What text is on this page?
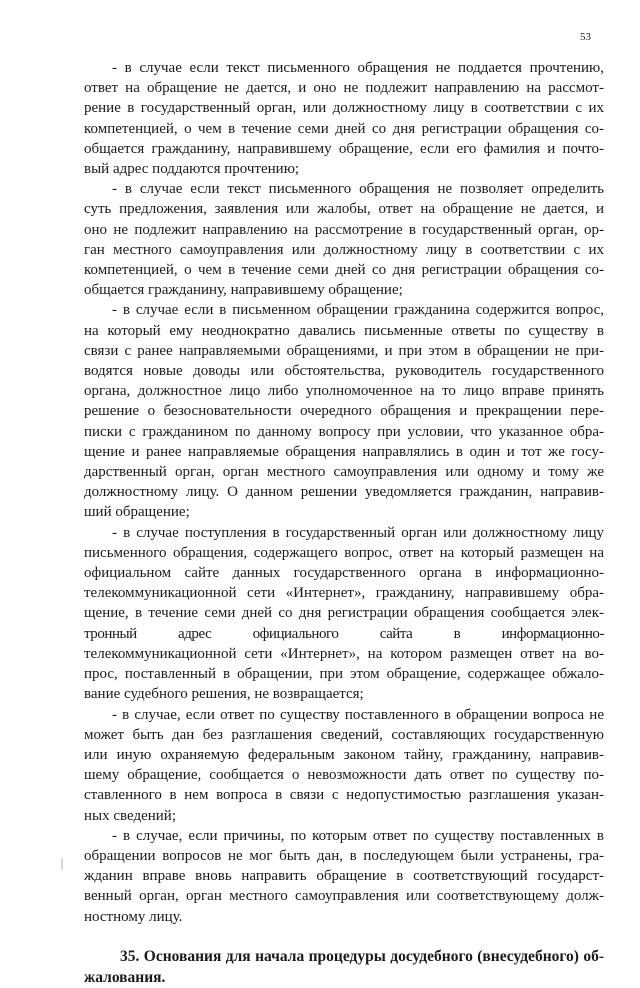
53

- в случае если текст письменного обращения не поддается прочтению,
ответ на обращение не дается, и оно не подлежит направлению на рассмот-
рение в государственный орган, или должностному лицу в соответствии с их
компетенцией, о чем в течение семи дней со дня регистрации обращения со-
общается гражданину, направившему обращение, если его фамилия и почто-
вый адрес поддаются прочтению;

- в случае если текст письменного обращения не позволяет определить
суть предложения, заявления или жалобы, ответ на обращение не дается, и
оно не подлежит направлению на рассмотрение в государственный орган, ор-
ган местного самоуправления или должностному лицу в соответствии с их
компетенцией, о чем в течение семи дней со дня регистрации обращения со-
общается гражданину, направившему обращение;

- в случае если в письменном обращении гражданина содержится вопрос,
на который ему неоднократно давались письменные ответы по существу в
связи с ранее направляемыми обращениями, и при этом в обращении не при-
водятся новые доводы или обстоятельства, руководитель государственного
органа, должностное лицо либо уполномоченное на то лицо вправе принять
решение о безосновательности очередного обращения и прекращении пере-
писки с гражданином по данному вопросу при условии, что указанное обра-
щение и ранее направляемые обращения направлялись в один и тот же госу-
дарственный орган, орган местного самоуправления или одному и тому же
должностному лицу. О данном решении уведомляется гражданин, направив-
ший обращение;

- в случае поступления в государственный орган или должностному лицу
письменного обращения, содержащего вопрос, ответ на который размещен на
официальном сайте данных государственного органа в информационно-
телекоммуникационной сети «Интернет», гражданину, направившему обра-
щение, в течение семи дней со дня регистрации обращения сообщается элек-
тронный адрес официального сайта в информационно-
телекоммуникационной сети «Интернет», на котором размещен ответ на во-
прос, поставленный в обращении, при этом обращение, содержащее обжало-
вание судебного решения, не возвращается;

- в случае, если ответ по существу поставленного в обращении вопроса не
может быть дан без разглашения сведений, составляющих государственную
или иную охраняемую федеральным законом тайну, гражданину, направив-
шему обращение, сообщается о невозможности дать ответ по существу по-
ставленного в нем вопроса в связи с недопустимостью разглашения указан-
ных сведений;

- в случае, если причины, по которым ответ по существу поставленных в
обращении вопросов не мог быть дан, в последующем были устранены, гра-
жданин вправе вновь направить обращение в соответствующий государст-
венный орган, орган местного самоуправления или соответствующему долж-
ностному лицу.

35. Основания для начала процедуры досудебного (внесудебного) об-
жалования.
